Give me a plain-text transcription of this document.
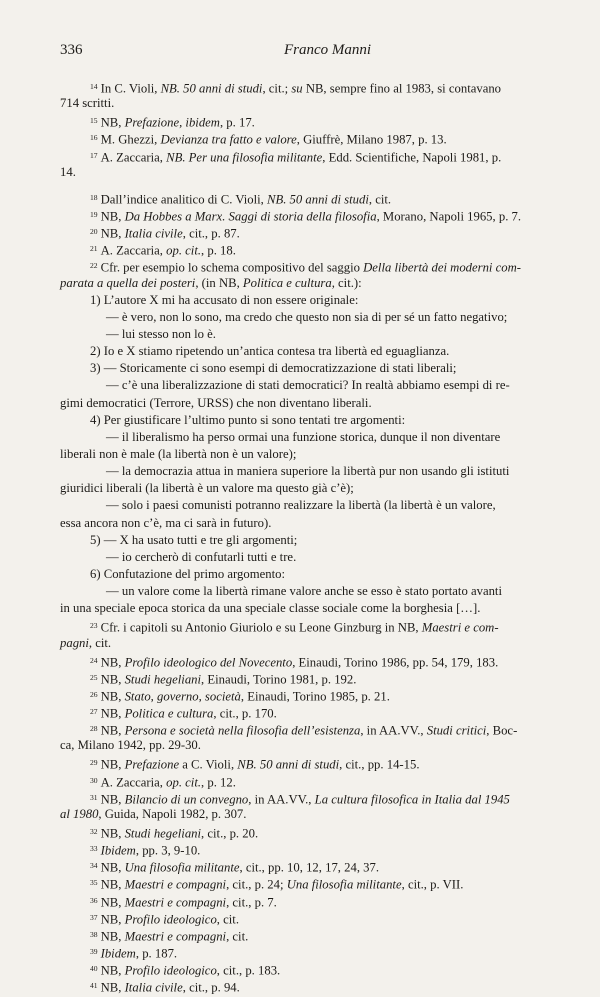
336	Franco Manni
$^{14}$ In C. Violi, NB. 50 anni di studi, cit.; su NB, sempre fino al 1983, si contavano
714 scritti.
$^{15}$ NB, Prefazione, ibidem, p. 17.
$^{16}$ M. Ghezzi, Devianza tra fatto e valore, Giuffrè, Milano 1987, p. 13.
$^{17}$ A. Zaccaria, NB. Per una filosofia militante, Edd. Scientifiche, Napoli 1981, p.
14.
$^{18}$ Dall’indice analitico di C. Violi, NB. 50 anni di studi, cit.
$^{19}$ NB, Da Hobbes a Marx. Saggi di storia della filosofia, Morano, Napoli 1965, p. 7.
$^{20}$ NB, Italia civile, cit., p. 87.
$^{21}$ A. Zaccaria, op. cit., p. 18.
$^{22}$ Cfr. per esempio lo schema compositivo del saggio Della libertà dei moderni com-
parata a quella dei posteri, (in NB, Politica e cultura, cit.):
1) L’autore X mi ha accusato di non essere originale:
— è vero, non lo sono, ma credo che questo non sia di per sé un fatto negativo;
— lui stesso non lo è.
2) Io e X stiamo ripetendo un’antica contesa tra libertà ed eguaglianza.
3) — Storicamente ci sono esempi di democratizzazione di stati liberali;
— c’è una liberalizzazione di stati democratici? In realtà abbiamo esempi di re-
gimi democratici (Terrore, URSS) che non diventano liberali.
4) Per giustificare l’ultimo punto si sono tentati tre argomenti:
— il liberalismo ha perso ormai una funzione storica, dunque il non diventare
liberali non è male (la libertà non è un valore);
— la democrazia attua in maniera superiore la libertà pur non usando gli istituti
giuridici liberali (la libertà è un valore ma questo già c’è);
— solo i paesi comunisti potranno realizzare la libertà (la libertà è un valore,
essa ancora non c’è, ma ci sarà in futuro).
5) — X ha usato tutti e tre gli argomenti;
— io cercherò di confutarli tutti e tre.
6) Confutazione del primo argomento:
— un valore come la libertà rimane valore anche se esso è stato portato avanti
in una speciale epoca storica da una speciale classe sociale come la borghesia […].
$^{23}$ Cfr. i capitoli su Antonio Giuriolo e su Leone Ginzburg in NB, Maestri e com-
pagni, cit.
$^{24}$ NB, Profilo ideologico del Novecento, Einaudi, Torino 1986, pp. 54, 179, 183.
$^{25}$ NB, Studi hegeliani, Einaudi, Torino 1981, p. 192.
$^{26}$ NB, Stato, governo, società, Einaudi, Torino 1985, p. 21.
$^{27}$ NB, Politica e cultura, cit., p. 170.
$^{28}$ NB, Persona e società nella filosofia dell’esistenza, in AA.VV., Studi critici, Boc-
ca, Milano 1942, pp. 29-30.
$^{29}$ NB, Prefazione a C. Violi, NB. 50 anni di studi, cit., pp. 14-15.
$^{30}$ A. Zaccaria, op. cit., p. 12.
$^{31}$ NB, Bilancio di un convegno, in AA.VV., La cultura filosofica in Italia dal 1945
al 1980, Guida, Napoli 1982, p. 307.
$^{32}$ NB, Studi hegeliani, cit., p. 20.
$^{33}$ Ibidem, pp. 3, 9-10.
$^{34}$ NB, Una filosofia militante, cit., pp. 10, 12, 17, 24, 37.
$^{35}$ NB, Maestri e compagni, cit., p. 24; Una filosofia militante, cit., p. VII.
$^{36}$ NB, Maestri e compagni, cit., p. 7.
$^{37}$ NB, Profilo ideologico, cit.
$^{38}$ NB, Maestri e compagni, cit.
$^{39}$ Ibidem, p. 187.
$^{40}$ NB, Profilo ideologico, cit., p. 183.
$^{41}$ NB, Italia civile, cit., p. 94.
